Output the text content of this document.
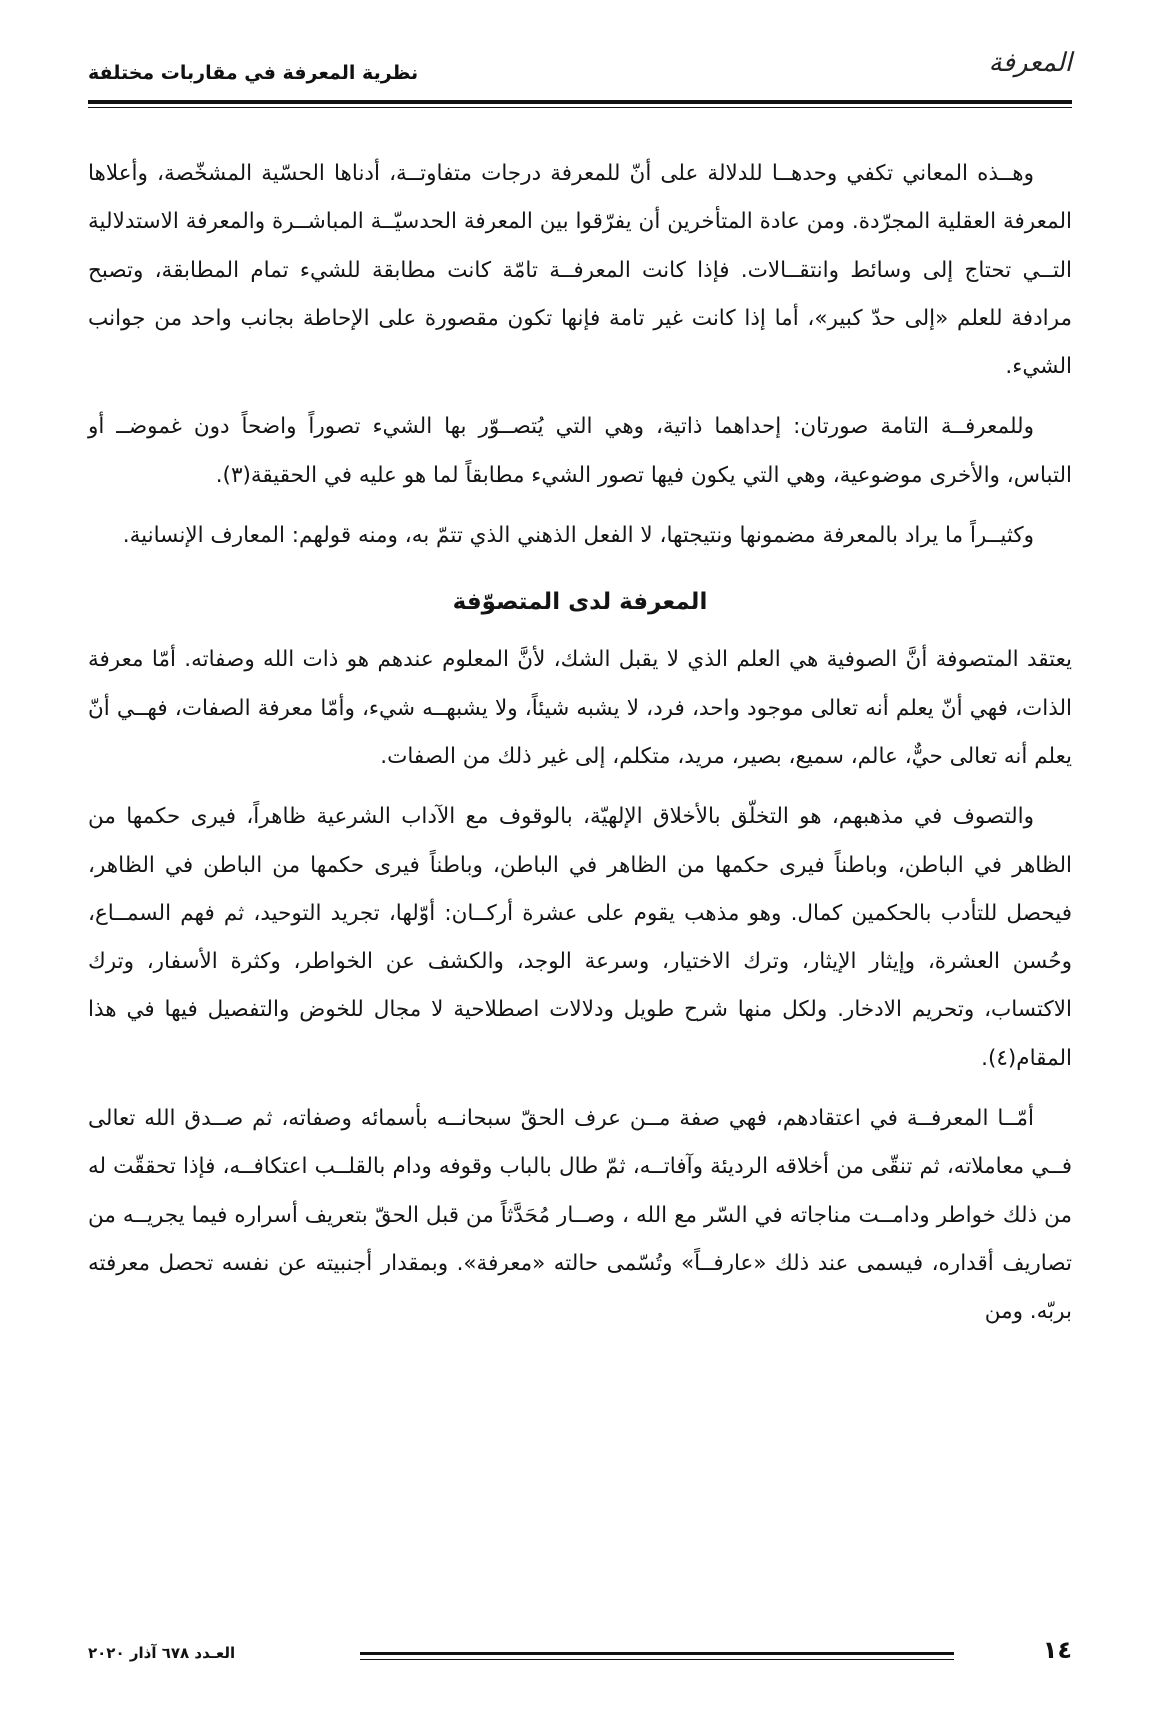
المعرفة
نظرية المعرفة في مقاربات مختلفة

وهــذه المعاني تكفي وحدهــا للدلالة على أنّ للمعرفة درجات متفاوتــة، أدناها الحسّية المشخّصة، وأعلاها المعرفة العقلية المجرّدة. ومن عادة المتأخرين أن يفرّقوا بين المعرفة الحدسيّــة المباشــرة والمعرفة الاستدلالية التــي تحتاج إلى وسائط وانتقــالات. فإذا كانت المعرفــة تامّة كانت مطابقة للشيء تمام المطابقة، وتصبح مرادفة للعلم «إلى حدّ كبير»، أما إذا كانت غير تامة فإنها تكون مقصورة على الإحاطة بجانب واحد من جوانب الشيء.

وللمعرفــة التامة صورتان: إحداهما ذاتية، وهي التي يُتصــوّر بها الشيء تصوراً واضحاً دون غموضــ أو التباس، والأخرى موضوعية، وهي التي يكون فيها تصور الشيء مطابقاً لما هو عليه في الحقيقة(٣).

وكثيــراً ما يراد بالمعرفة مضمونها ونتيجتها، لا الفعل الذهني الذي تتمّ به، ومنه قولهم: المعارف الإنسانية.

المعرفة لدى المتصوّفة

يعتقد المتصوفة أنَّ الصوفية هي العلم الذي لا يقبل الشك، لأنَّ المعلوم عندهم هو ذات الله وصفاته. أمّا معرفة الذات، فهي أنّ يعلم أنه تعالى موجود واحد، فرد، لا يشبه شيئاً، ولا يشبهــه شيء، وأمّا معرفة الصفات، فهــي أنّ يعلم أنه تعالى حيٌّ، عالم، سميع، بصير، مريد، متكلم، إلى غير ذلك من الصفات.

والتصوف في مذهبهم، هو التخلّق بالأخلاق الإلهيّة، بالوقوف مع الآداب الشرعية ظاهراً، فيرى حكمها من الظاهر في الباطن، وباطناً فيرى حكمها من الظاهر في الباطن، وباطناً فيرى حكمها من الباطن في الظاهر، فيحصل للتأدب بالحكمين كمال. وهو مذهب يقوم على عشرة أركــان: أوّلها، تجريد التوحيد، ثم فهم السمــاع، وحُسن العشرة، وإيثار الإيثار، وترك الاختيار، وسرعة الوجد، والكشف عن الخواطر، وكثرة الأسفار، وترك الاكتساب، وتحريم الادخار. ولكل منها شرح طويل ودلالات اصطلاحية لا مجال للخوض والتفصيل فيها في هذا المقام(٤).

أمّــا المعرفــة في اعتقادهم، فهي صفة مــن عرف الحقّ سبحانــه بأسمائه وصفاته، ثم صــدق الله تعالى فــي معاملاته، ثم تنقّى من أخلاقه الرديئة وآفاتــه، ثمّ طال بالباب وقوفه ودام بالقلــب اعتكافــه، فإذا تحققّت له من ذلك خواطر ودامــت مناجاته في السّر مع الله ، وصــار مُحَدَّثاً من قبل الحقّ بتعريف أسراره فيما يجريــه من تصاريف أقداره، فيسمى عند ذلك «عارفــاً» وتُسّمى حالته «معرفة». وبمقدار أجنبيته عن نفسه تحصل معرفته بربّه. ومن

١٤
العـدد ٦٧٨ آذار ٢٠٢٠
